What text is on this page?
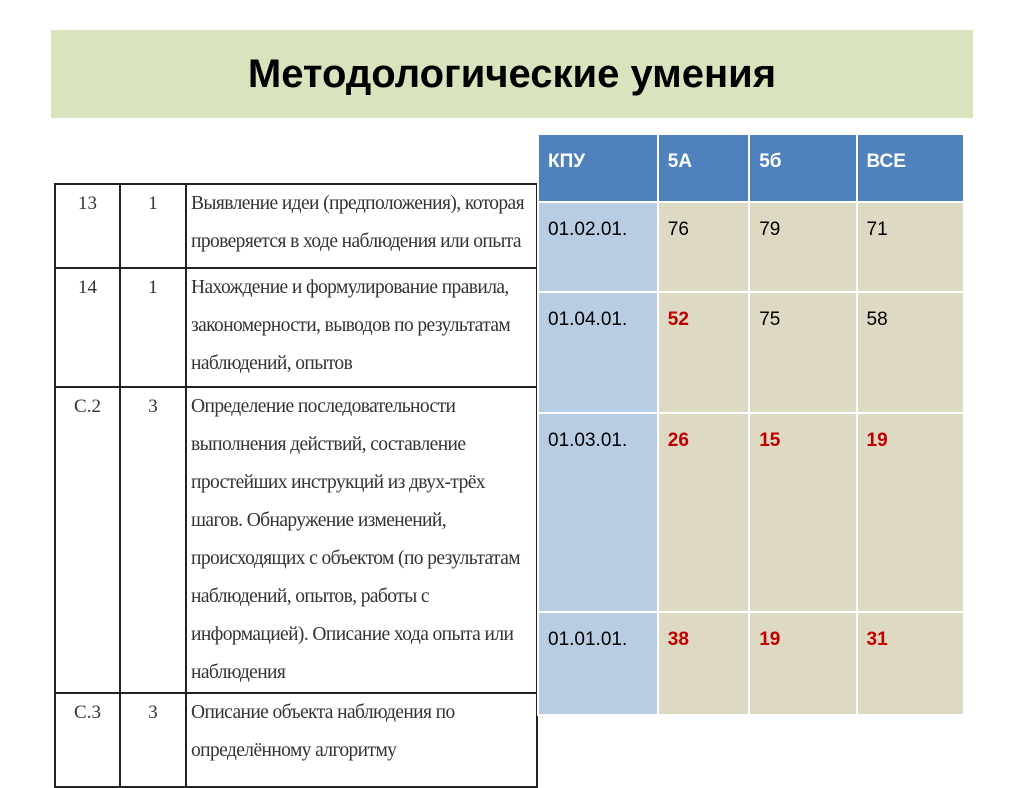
Методологические умения
13	1	Выявление идеи (предположения), которая проверяется в ходе наблюдения или опыта
14	1	Нахождение и формулирование правила, закономерности, выводов по результатам наблюдений, опытов
С.2	3	Определение последовательности выполнения действий, составление простейших инструкций из двух-трёх шагов. Обнаружение изменений, происходящих с объектом (по результатам наблюдений, опытов, работы с информацией). Описание хода опыта или наблюдения
С.3	3	Описание объекта наблюдения по определённому алгоритму
КПУ	5А	5б	ВСЕ
01.02.01.	76	79	71
01.04.01.	52	75	58
01.03.01.	26	15	19
01.01.01.	38	19	31
